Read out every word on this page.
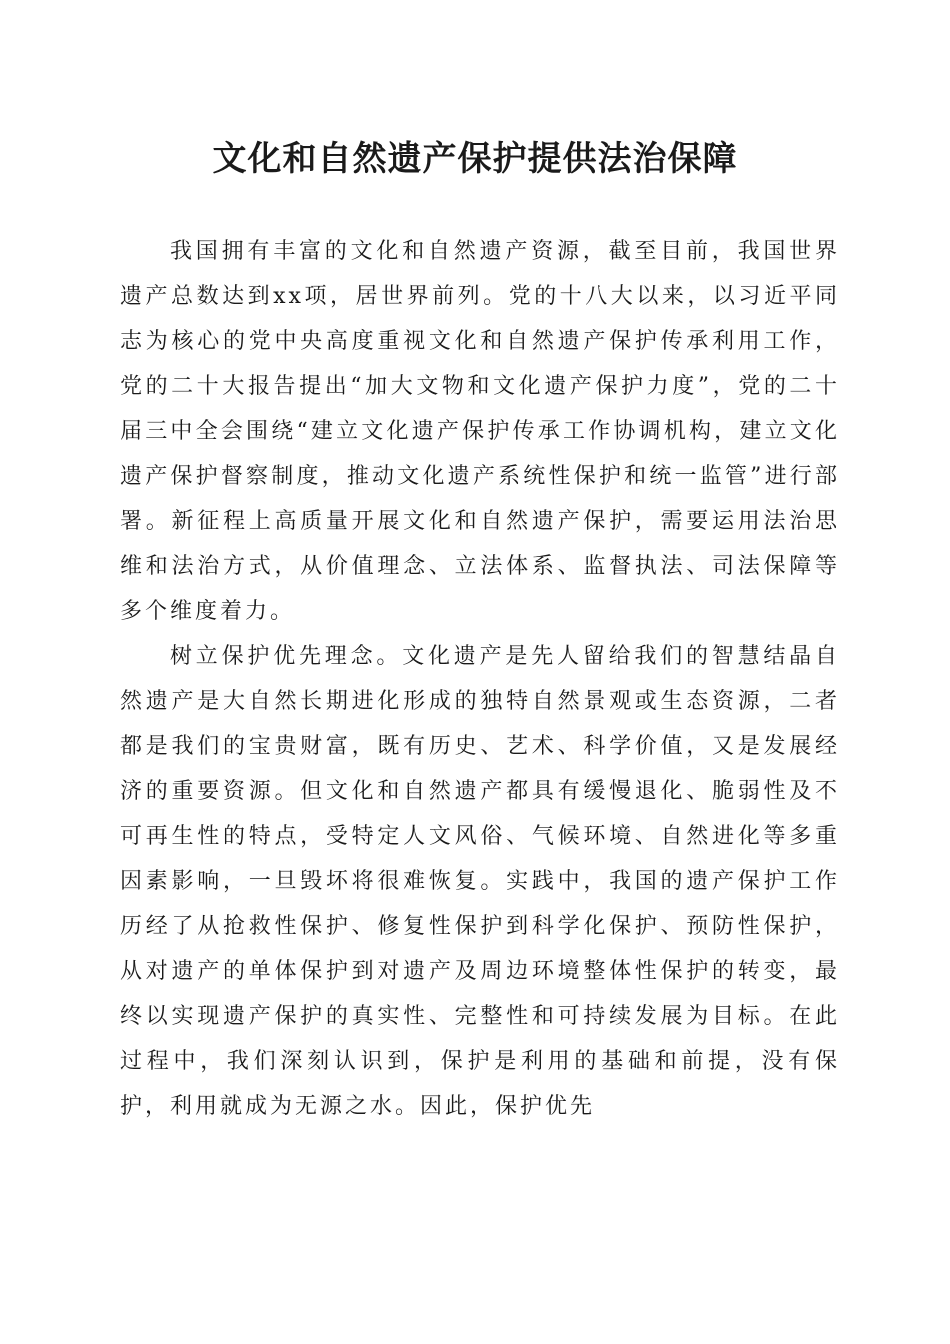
文化和自然遗产保护提供法治保障

我国拥有丰富的文化和自然遗产资源，截至目前，我国世界遗产总数达到xx项，居世界前列。党的十八大以来，以习近平同志为核心的党中央高度重视文化和自然遗产保护传承利用工作，党的二十大报告提出“加大文物和文化遗产保护力度”，党的二十届三中全会围绕“建立文化遗产保护传承工作协调机构，建立文化遗产保护督察制度，推动文化遗产系统性保护和统一监管”进行部署。新征程上高质量开展文化和自然遗产保护，需要运用法治思维和法治方式，从价值理念、立法体系、监督执法、司法保障等多个维度着力。

树立保护优先理念。文化遗产是先人留给我们的智慧结晶自然遗产是大自然长期进化形成的独特自然景观或生态资源，二者都是我们的宝贵财富，既有历史、艺术、科学价值，又是发展经济的重要资源。但文化和自然遗产都具有缓慢退化、脆弱性及不可再生性的特点，受特定人文风俗、气候环境、自然进化等多重因素影响，一旦毁坏将很难恢复。实践中，我国的遗产保护工作历经了从抢救性保护、修复性保护到科学化保护、预防性保护，从对遗产的单体保护到对遗产及周边环境整体性保护的转变，最终以实现遗产保护的真实性、完整性和可持续发展为目标。在此过程中，我们深刻认识到，保护是利用的基础和前提，没有保护，利用就成为无源之水。因此，保护优先
